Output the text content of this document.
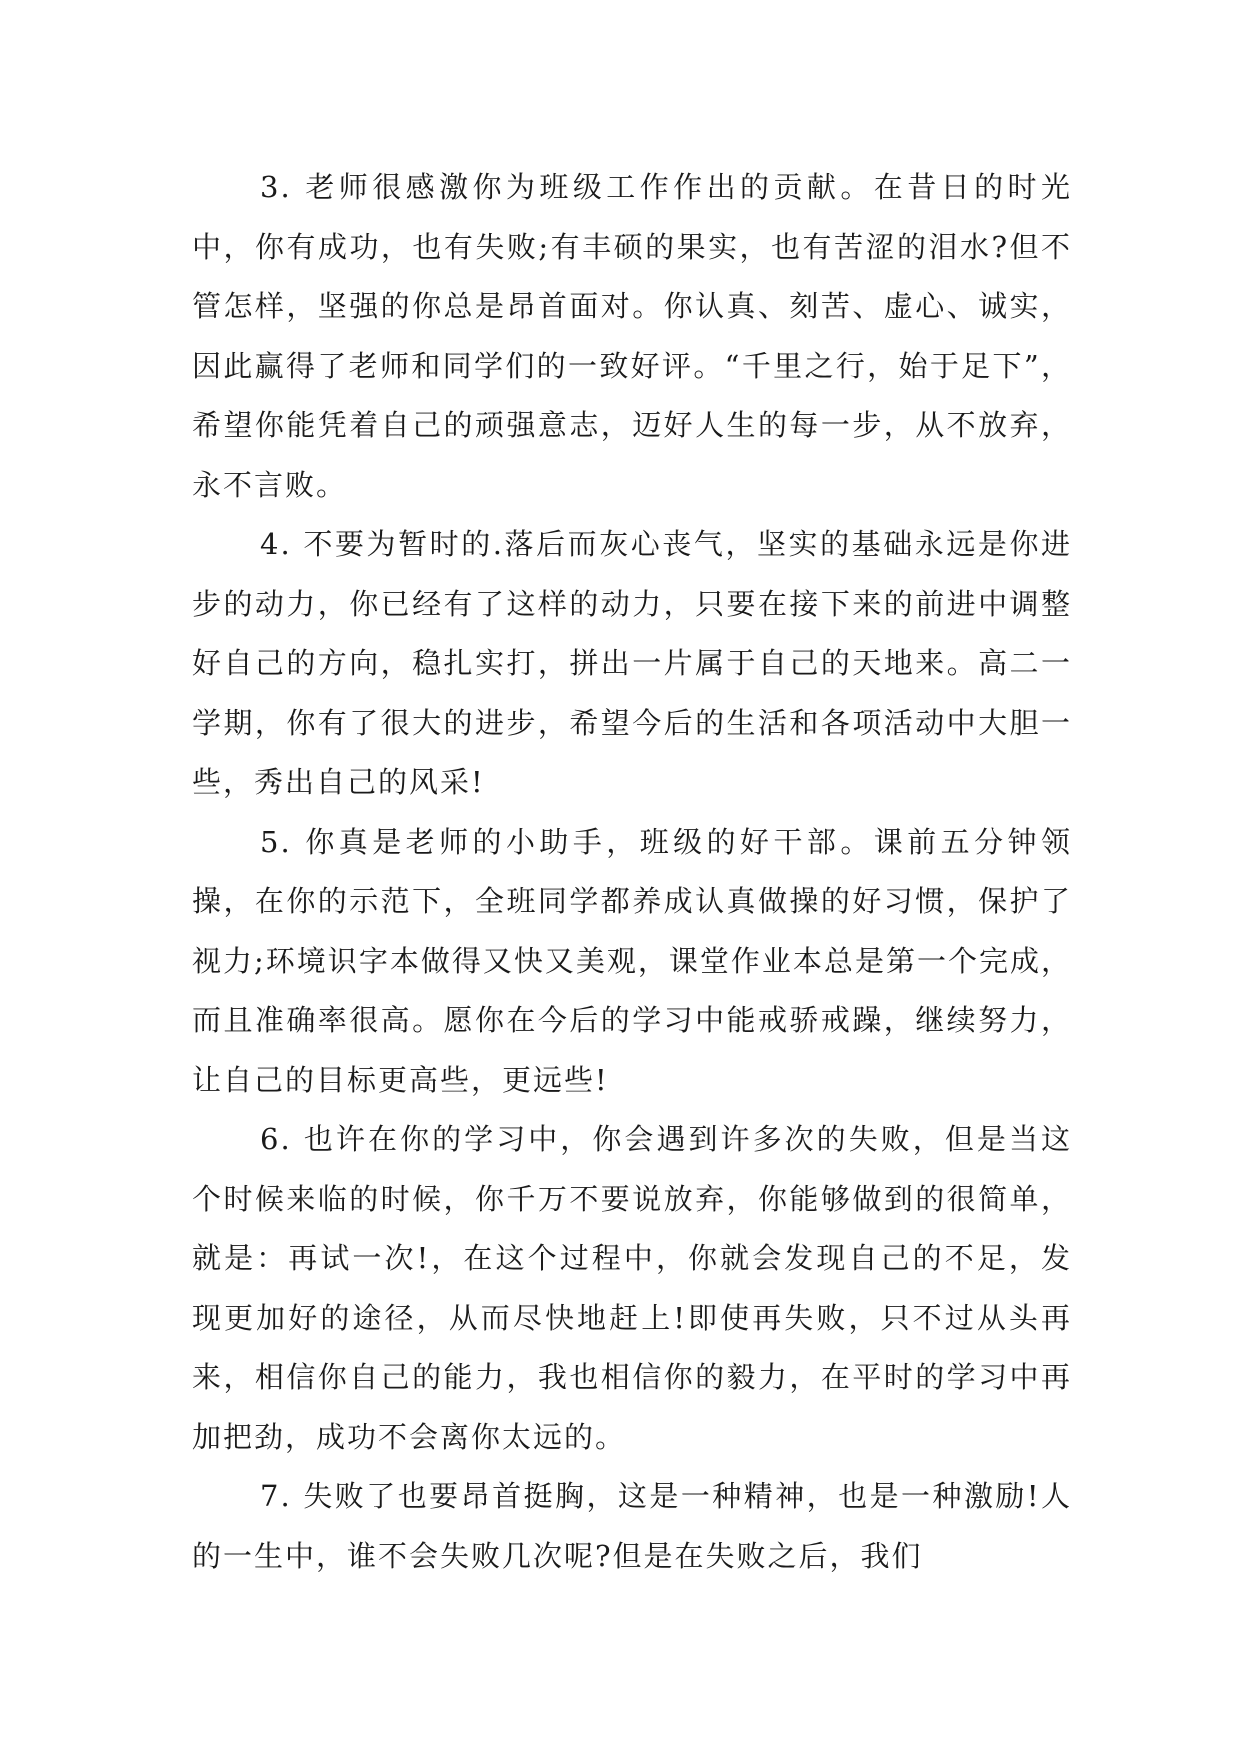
3. 老师很感激你为班级工作作出的贡献。在昔日的时光中，你有成功，也有失败;有丰硕的果实，也有苦涩的泪水?但不管怎样，坚强的你总是昂首面对。你认真、刻苦、虚心、诚实，因此赢得了老师和同学们的一致好评。“千里之行，始于足下”，希望你能凭着自己的顽强意志，迈好人生的每一步，从不放弃，永不言败。

4. 不要为暂时的.落后而灰心丧气，坚实的基础永远是你进步的动力，你已经有了这样的动力，只要在接下来的前进中调整好自己的方向，稳扎实打，拼出一片属于自己的天地来。高二一学期，你有了很大的进步，希望今后的生活和各项活动中大胆一些，秀出自己的风采!

5. 你真是老师的小助手，班级的好干部。课前五分钟领操，在你的示范下，全班同学都养成认真做操的好习惯，保护了视力;环境识字本做得又快又美观，课堂作业本总是第一个完成，而且准确率很高。愿你在今后的学习中能戒骄戒躁，继续努力，让自己的目标更高些，更远些!

6. 也许在你的学习中，你会遇到许多次的失败，但是当这个时候来临的时候，你千万不要说放弃，你能够做到的很简单，就是：再试一次!，在这个过程中，你就会发现自己的不足，发现更加好的途径，从而尽快地赶上!即使再失败，只不过从头再来，相信你自己的能力，我也相信你的毅力，在平时的学习中再加把劲，成功不会离你太远的。

7. 失败了也要昂首挺胸，这是一种精神，也是一种激励!人的一生中，谁不会失败几次呢?但是在失败之后，我们
